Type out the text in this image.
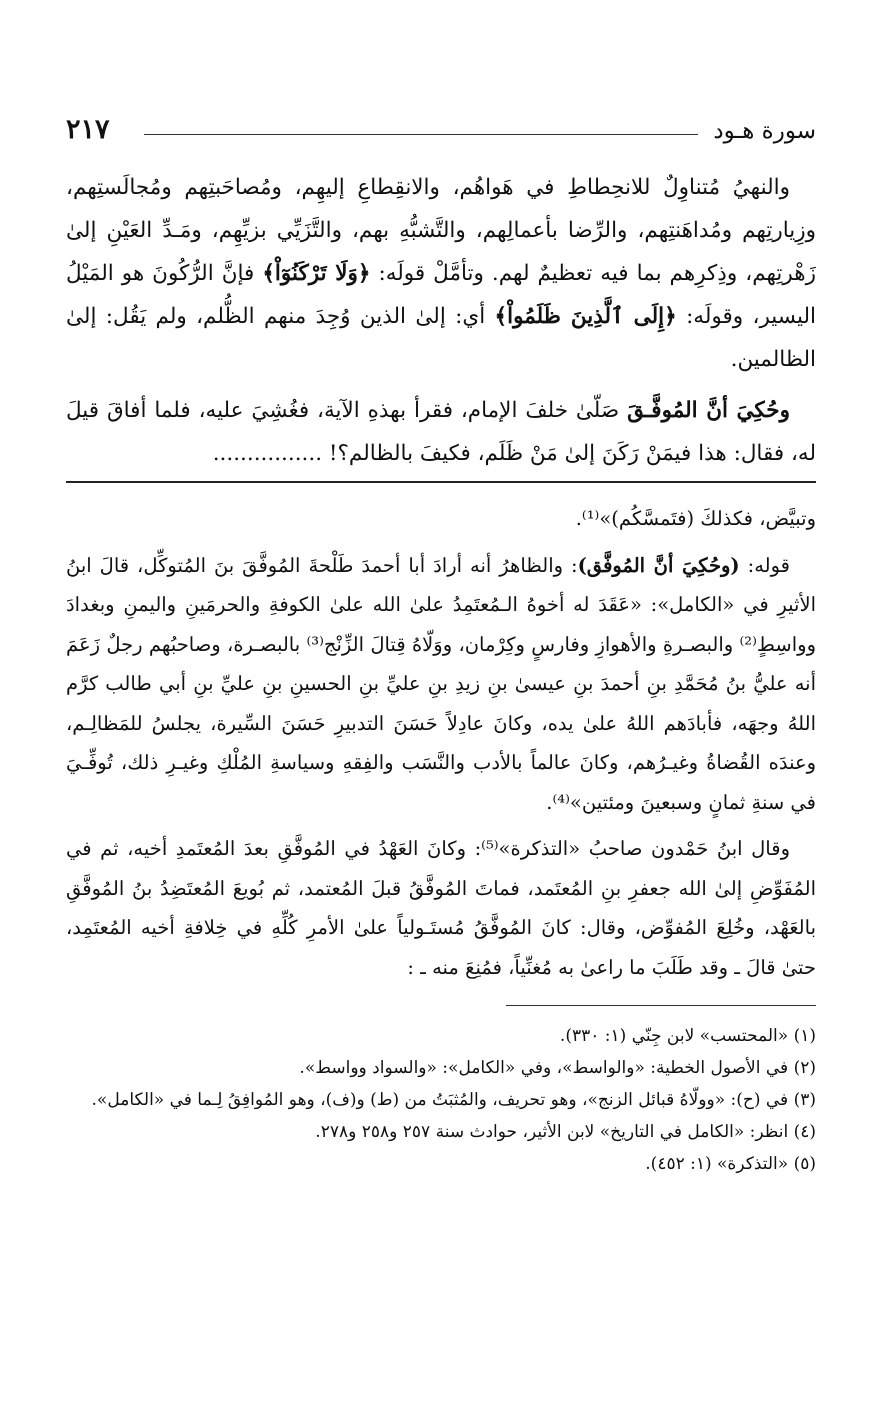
سورة هـود
٢١٧

والنهيُ مُتناوِلٌ للانحِطاطِ في هَواهُم، والانقِطاعِ إليهِم، ومُصاحَبتِهم ومُجالَستِهم، وزِيارتِهم ومُداهَنتِهم، والرِّضا بأعمالِهم، والتَّشبُّهِ بهم، والتَّزَيِّي بزيِّهِم، ومَـدِّ العَيْنِ إلىٰ زَهْرتِهم، وذِكرِهم بما فيه تعظيمٌ لهم. وتأمَّلْ قولَه: ﴿وَلَا تَرْكَنُوٓاْ﴾ فإنَّ الرُّكُونَ هو المَيْلُ اليسير، وقولَه: ﴿إِلَى ٱلَّذِينَ ظَلَمُواْ﴾ أي: إلىٰ الذين وُجِدَ منهم الظُّلم، ولم يَقُل: إلىٰ الظالمين.

وحُكِيَ أنَّ المُوفَّـقَ صَلّىٰ خلفَ الإمام، فقرأ بهذهِ الآية، فغُشِيَ عليه، فلما أفاقَ قيلَ له، فقال: هذا فيمَنْ رَكَنَ إلىٰ مَنْ ظَلَم، فكيفَ بالظالم؟! ................

وتبيَّض، فكذلكَ (فتَمسَّكُم)»⁽¹⁾.

قوله: (وحُكِيَ أنَّ المُوفَّق): والظاهرُ أنه أرادَ أبا أحمدَ طَلْحةَ المُوفَّقَ بنَ المُتوكِّل، قالَ ابنُ الأثيرِ في «الكامل»: «عَقَدَ له أخوهُ الـمُعتَمِدُ علىٰ الله علىٰ الكوفةِ والحرمَينِ واليمنِ وبغدادَ وواسِطٍ⁽²⁾ والبصـرةِ والأهوازِ وفارسٍ وكِرْمان، ووَلّاهُ قِتالَ الزِّنْج⁽³⁾ بالبصـرة، وصاحبُهم رجلٌ زَعَمَ أنه عليُّ بنُ مُحَمَّدِ بنِ أحمدَ بنِ عيسىٰ بنِ زيدِ بنِ عليِّ بنِ الحسينِ بنِ عليِّ بنِ أبي طالب كرَّم اللهُ وجهَه، فأبادَهم اللهُ علىٰ يده، وكانَ عادِلاً حَسَنَ التدبيرِ حَسَنَ السِّيرة، يجلسُ للمَظالِـم، وعندَه القُضاةُ وغيـرُهم، وكانَ عالماً بالأدب والنَّسَب والفِقهِ وسياسةِ المُلْكِ وغيـرِ ذلك، تُوفِّـيَ في سنةِ ثمانٍ وسبعينَ ومئتين»⁽⁴⁾.

وقال ابنُ حَمْدون صاحبُ «التذكرة»⁽⁵⁾: وكانَ العَهْدُ في المُوفَّقِ بعدَ المُعتَمدِ أخيه، ثم في المُفَوِّضِ إلىٰ الله جعفرِ بنِ المُعتَمد، فماتَ المُوفَّقُ قبلَ المُعتمد، ثم بُويعَ المُعتَضِدُ بنُ المُوفَّقِ بالعَهْد، وخُلِعَ المُفوِّض، وقال: كانَ المُوفَّقُ مُستَـولياً علىٰ الأمرِ كُلِّهِ في خِلافةِ أخيه المُعتَمِد، حتىٰ قالَ ـ وقد طَلَبَ ما راعىٰ به مُغنِّياً، فمُنِعَ منه ـ :

(١) «المحتسب» لابن جِنّي (١: ٣٣٠).
(٢) في الأصول الخطية: «والواسط»، وفي «الكامل»: «والسواد وواسط».
(٣) في (ح): «وولّاهُ قبائل الزنج»، وهو تحريف، والمُثبَتُ من (ط) و(ف)، وهو المُوافِقُ لِـما في «الكامل».
(٤) انظر: «الكامل في التاريخ» لابن الأثير، حوادث سنة ٢٥٧ و٢٥٨ و٢٧٨.
(٥) «التذكرة» (١: ٤٥٢).
